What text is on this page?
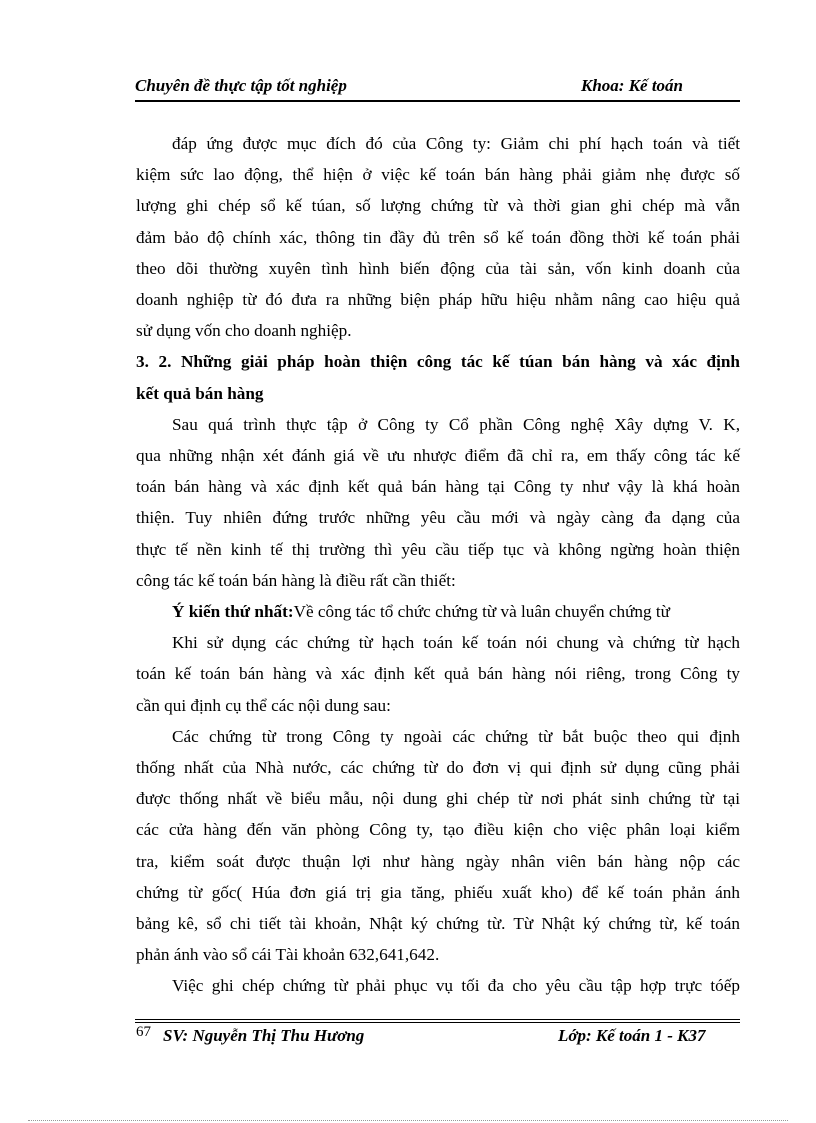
Chuyên đề thực tập tốt nghiệp	Khoa: Kế toán

đáp ứng được mục đích đó của Công ty: Giảm chi phí hạch toán và tiết

kiệm sức lao động, thể hiện ở việc kế toán bán hàng phải giảm nhẹ được số

lượng ghi chép sổ kế túan, số lượng chứng từ và thời gian ghi chép mà vẫn

đảm bảo độ chính xác, thông tin đầy đủ trên sổ kế toán đồng thời kế toán phải

theo dõi thường xuyên tình hình biến động của tài sản, vốn kinh doanh của

doanh nghiệp từ đó đưa ra những biện pháp hữu hiệu nhằm nâng cao hiệu quả

sử dụng vốn cho doanh nghiệp.

3. 2. Những giải pháp hoàn thiện công tác kế túan bán hàng và xác định

kết quả bán hàng

Sau quá trình thực tập ở Công ty Cổ phần Công nghệ Xây dựng V. K,

qua những nhận xét đánh giá về ưu nhược điểm đã chỉ ra, em thấy công tác kế

toán bán hàng và xác định kết quả bán hàng tại Công ty như vậy là khá hoàn

thiện. Tuy nhiên đứng trước những yêu cầu mới và ngày càng đa dạng của

thực tế nền kinh tế thị trường thì yêu cầu tiếp tục và không ngừng hoàn thiện

công tác kế toán bán hàng là điều rất cần thiết:

Ý kiến thứ nhất:Về công tác tổ chức chứng từ và luân chuyển chứng từ

Khi sử dụng các chứng từ hạch toán kế toán nói chung và chứng từ hạch

toán kế toán bán hàng và xác định kết quả bán hàng nói riêng, trong Công ty

cần qui định cụ thể các nội dung sau:

Các chứng từ trong Công ty ngoài các chứng từ bắt buộc theo qui định

thống nhất của Nhà nước, các chứng từ do đơn vị qui định sử dụng cũng phải

được thống nhất về biểu mẫu, nội dung ghi chép từ nơi phát sinh chứng từ tại

các cửa hàng đến văn phòng Công ty, tạo điều kiện cho việc phân loại kiểm

tra, kiểm soát được thuận lợi như hàng ngày nhân viên bán hàng nộp các

chứng từ gốc( Húa đơn giá trị gia tăng, phiếu xuất kho) để kế toán phản ánh

bảng kê, sổ chi tiết tài khoản, Nhật ký chứng từ. Từ Nhật ký chứng từ, kế toán

phản ánh vào sổ cái Tài khoản 632,641,642.

Việc ghi chép chứng từ phải phục vụ tối đa cho yêu cầu tập hợp trực tóếp

67 SV: Nguyễn Thị Thu Hương	Lớp: Kế toán 1 - K37
